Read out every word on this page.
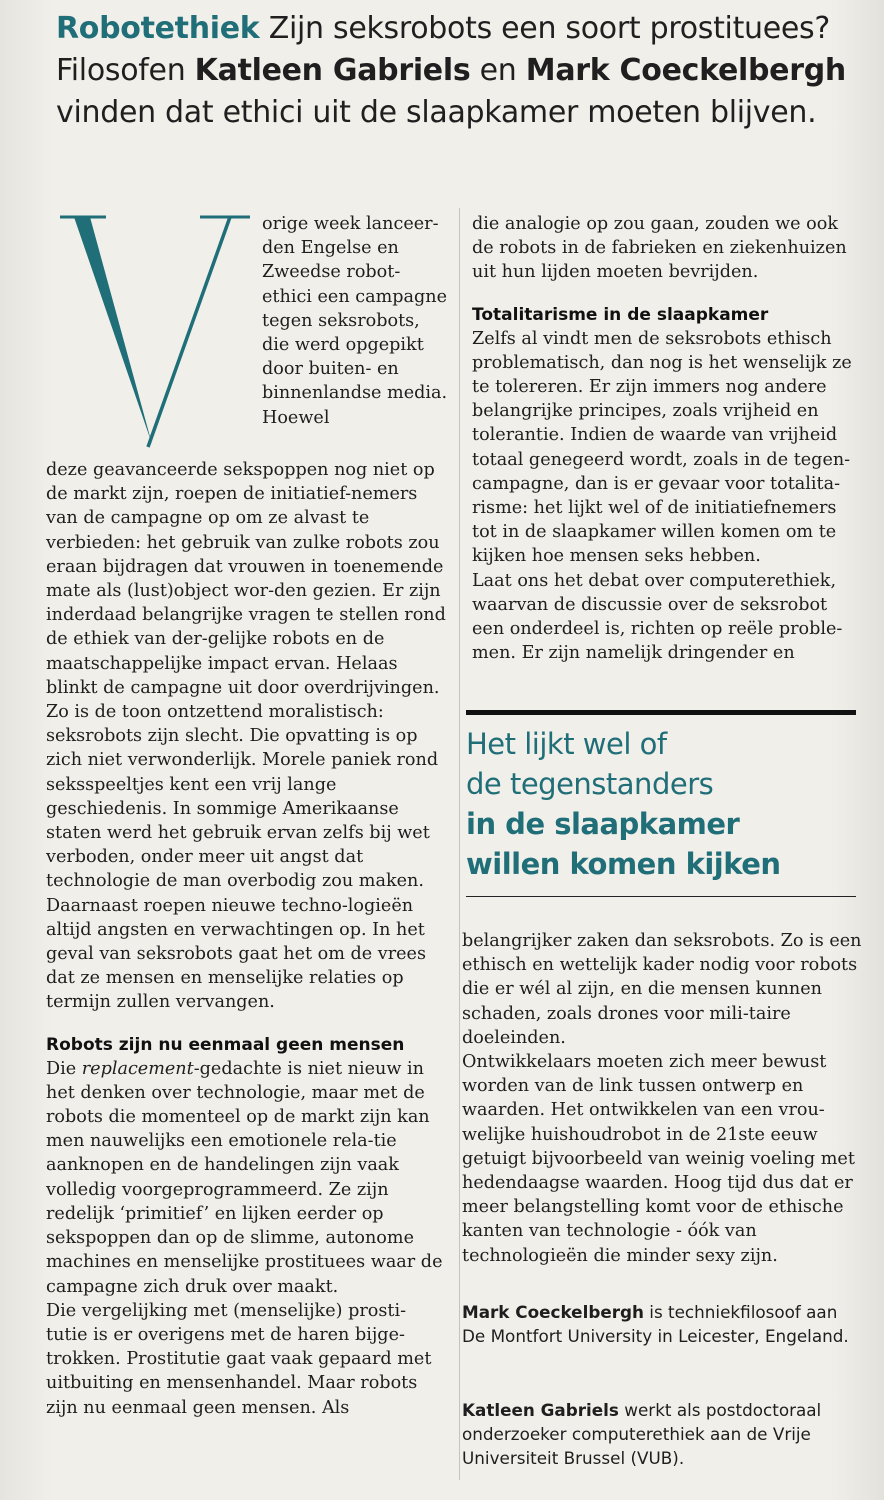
Robotethiek Zijn seksrobots een soort prostituees?
Filosofen Katleen Gabriels en Mark Coeckelbergh
vinden dat ethici uit de slaapkamer moeten blijven.

orige week lanceer-den Engelse en Zweedse robot-ethici een campagne tegen seksrobots, die werd opgepikt door buiten- en binnenlandse media. Hoewel

deze geavanceerde sekspoppen nog niet op de markt zijn, roepen de initiatief-nemers van de campagne op om ze alvast te verbieden: het gebruik van zulke robots zou eraan bijdragen dat vrouwen in toenemende mate als (lust)object wor-den gezien. Er zijn inderdaad belangrijke vragen te stellen rond de ethiek van der-gelijke robots en de maatschappelijke impact ervan. Helaas blinkt de campagne uit door overdrijvingen.

Zo is de toon ontzettend moralistisch: seksrobots zijn slecht. Die opvatting is op zich niet verwonderlijk. Morele paniek rond seksspeeltjes kent een vrij lange geschiedenis. In sommige Amerikaanse staten werd het gebruik ervan zelfs bij wet verboden, onder meer uit angst dat technologie de man overbodig zou maken. Daarnaast roepen nieuwe techno-logieën altijd angsten en verwachtingen op. In het geval van seksrobots gaat het om de vrees dat ze mensen en menselijke relaties op termijn zullen vervangen.

Robots zijn nu eenmaal geen mensen

Die replacement-gedachte is niet nieuw in het denken over technologie, maar met de robots die momenteel op de markt zijn kan men nauwelijks een emotionele rela-tie aanknopen en de handelingen zijn vaak volledig voorgeprogrammeerd. Ze zijn redelijk ‘primitief’ en lijken eerder op sekspoppen dan op de slimme, autonome machines en menselijke prostituees waar de campagne zich druk over maakt.

Die vergelijking met (menselijke) prosti-tutie is er overigens met de haren bijge-trokken. Prostitutie gaat vaak gepaard met uitbuiting en mensenhandel. Maar robots zijn nu eenmaal geen mensen. Als

die analogie op zou gaan, zouden we ook de robots in de fabrieken en ziekenhuizen uit hun lijden moeten bevrijden.

Totalitarisme in de slaapkamer

Zelfs al vindt men de seksrobots ethisch problematisch, dan nog is het wenselijk ze te tolereren. Er zijn immers nog andere belangrijke principes, zoals vrijheid en tolerantie. Indien de waarde van vrijheid totaal genegeerd wordt, zoals in de tegen-campagne, dan is er gevaar voor totalita-risme: het lijkt wel of de initiatiefnemers tot in de slaapkamer willen komen om te kijken hoe mensen seks hebben.

Laat ons het debat over computerethiek, waarvan de discussie over de seksrobot een onderdeel is, richten op reële proble-men. Er zijn namelijk dringender en

Het lijkt wel of
de tegenstanders
in de slaapkamer
willen komen kijken

belangrijker zaken dan seksrobots. Zo is een ethisch en wettelijk kader nodig voor robots die er wél al zijn, en die mensen kunnen schaden, zoals drones voor mili-taire doeleinden.

Ontwikkelaars moeten zich meer bewust worden van de link tussen ontwerp en waarden. Het ontwikkelen van een vrou-welijke huishoudrobot in de 21ste eeuw getuigt bijvoorbeeld van weinig voeling met hedendaagse waarden. Hoog tijd dus dat er meer belangstelling komt voor de ethische kanten van technologie - óók van technologieën die minder sexy zijn.

Mark Coeckelbergh is techniekfilosoof aan De Montfort University in Leicester, Engeland.
Katleen Gabriels werkt als postdoctoraal onderzoeker computerethiek aan de Vrije Universiteit Brussel (VUB).
